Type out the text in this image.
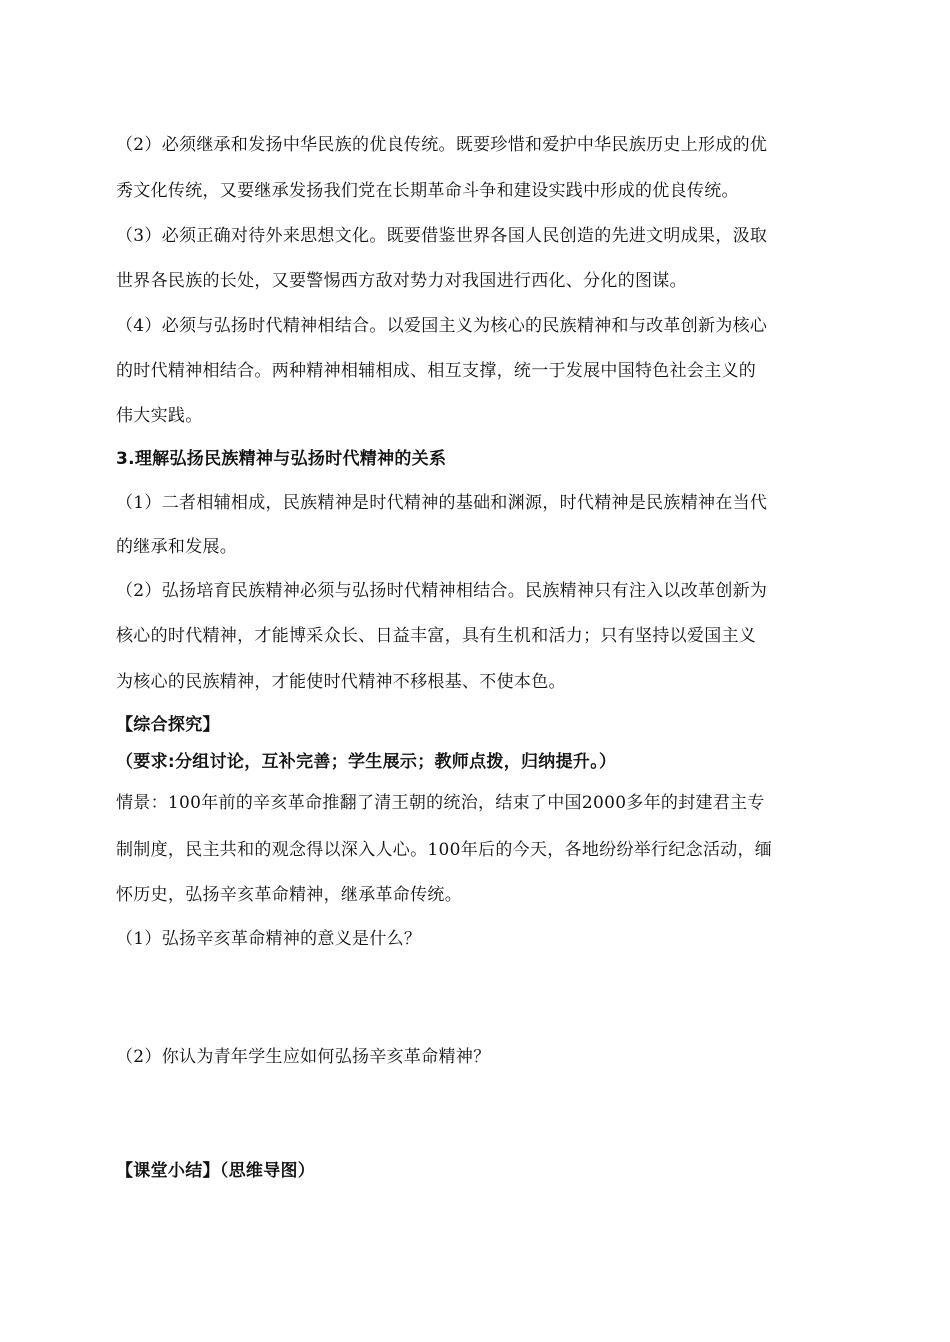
（2）必须继承和发扬中华民族的优良传统。既要珍惜和爱护中华民族历史上形成的优
秀文化传统，又要继承发扬我们党在长期革命斗争和建设实践中形成的优良传统。
（3）必须正确对待外来思想文化。既要借鉴世界各国人民创造的先进文明成果，汲取
世界各民族的长处，又要警惕西方敌对势力对我国进行西化、分化的图谋。
（4）必须与弘扬时代精神相结合。以爱国主义为核心的民族精神和与改革创新为核心
的时代精神相结合。两种精神相辅相成、相互支撑，统一于发展中国特色社会主义的
伟大实践。
3.理解弘扬民族精神与弘扬时代精神的关系
（1）二者相辅相成，民族精神是时代精神的基础和渊源，时代精神是民族精神在当代
的继承和发展。
（2）弘扬培育民族精神必须与弘扬时代精神相结合。民族精神只有注入以改革创新为
核心的时代精神，才能博采众长、日益丰富，具有生机和活力；只有坚持以爱国主义
为核心的民族精神，才能使时代精神不移根基、不使本色。
【综合探究】
（要求:分组讨论，互补完善；学生展示；教师点拨，归纳提升。）
情景：100年前的辛亥革命推翻了清王朝的统治，结束了中国2000多年的封建君主专
制制度，民主共和的观念得以深入人心。100年后的今天，各地纷纷举行纪念活动，缅
怀历史，弘扬辛亥革命精神，继承革命传统。
（1）弘扬辛亥革命精神的意义是什么？
（2）你认为青年学生应如何弘扬辛亥革命精神？
【课堂小结】（思维导图）
